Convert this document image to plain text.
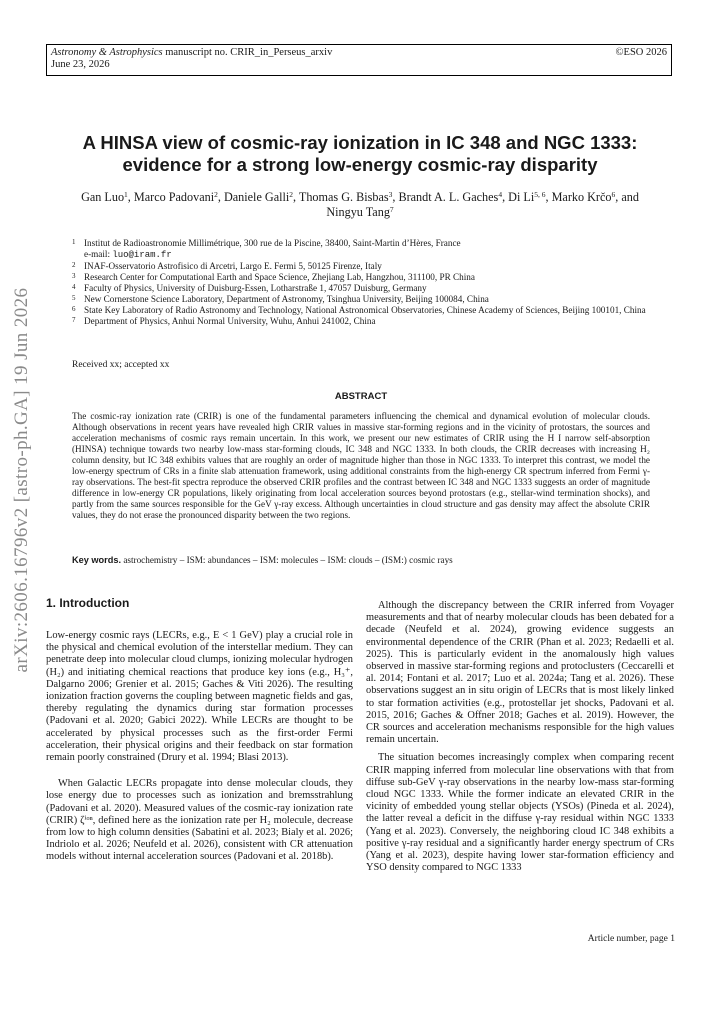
Astronomy & Astrophysics manuscript no. CRIR_in_Perseus_arxiv
June 23, 2026
©ESO 2026
arXiv:2606.16796v2 [astro-ph.GA] 19 Jun 2026
A HINSA view of cosmic-ray ionization in IC 348 and NGC 1333:
evidence for a strong low-energy cosmic-ray disparity
Gan Luo$^1$, Marco Padovani$^2$, Daniele Galli$^2$, Thomas G. Bisbas$^3$, Brandt A. L. Gaches$^4$, Di Li$^{5, 6}$, Marko Krčo$^6$, and
Ningyu Tang$^7$
1 Institut de Radioastronomie Millimétrique, 300 rue de la Piscine, 38400, Saint-Martin d’Hères, France
e-mail: luo@iram.fr
2 INAF-Osservatorio Astrofisico di Arcetri, Largo E. Fermi 5, 50125 Firenze, Italy
3 Research Center for Computational Earth and Space Science, Zhejiang Lab, Hangzhou, 311100, PR China
4 Faculty of Physics, University of Duisburg-Essen, Lotharstraße 1, 47057 Duisburg, Germany
5 New Cornerstone Science Laboratory, Department of Astronomy, Tsinghua University, Beijing 100084, China
6 State Key Laboratory of Radio Astronomy and Technology, National Astronomical Observatories, Chinese Academy of Sciences, Beijing 100101, China
7 Department of Physics, Anhui Normal University, Wuhu, Anhui 241002, China
Received xx; accepted xx
ABSTRACT
The cosmic-ray ionization rate (CRIR) is one of the fundamental parameters influencing the chemical and dynamical evolution of molecular clouds. Although observations in recent years have revealed high CRIR values in massive star-forming regions and in the vicinity of protostars, the sources and acceleration mechanisms of cosmic rays remain uncertain. In this work, we present our new estimates of CRIR using the H I narrow self-absorption (HINSA) technique towards two nearby low-mass star-forming clouds, IC 348 and NGC 1333. In both clouds, the CRIR decreases with increasing H₂ column density, but IC 348 exhibits values that are roughly an order of magnitude higher than those in NGC 1333. To interpret this contrast, we model the low-energy spectrum of CRs in a finite slab attenuation framework, using additional constraints from the high-energy CR spectrum inferred from Fermi γ-ray observations. The best-fit spectra reproduce the observed CRIR profiles and the contrast between IC 348 and NGC 1333 suggests an order of magnitude difference in low-energy CR populations, likely originating from local acceleration sources beyond protostars (e.g., stellar-wind termination shocks), and partly from the same sources responsible for the GeV γ-ray excess. Although uncertainties in cloud structure and gas density may affect the absolute CRIR values, they do not erase the pronounced disparity between the two regions.
Key words. astrochemistry – ISM: abundances – ISM: molecules – ISM: clouds – (ISM:) cosmic rays
1. Introduction

Low-energy cosmic rays (LECRs, e.g., E < 1 GeV) play a crucial role in the physical and chemical evolution of the interstellar medium. They can penetrate deep into molecular cloud clumps, ionizing molecular hydrogen (H₂) and initiating chemical reactions that produce key ions (e.g., H₃⁺, Dalgarno 2006; Grenier et al. 2015; Gaches & Viti 2026). The resulting ionization fraction governs the coupling between magnetic fields and gas, thereby regulating the dynamics during star formation processes (Padovani et al. 2020; Gabici 2022). While LECRs are thought to be accelerated by physical processes such as the first-order Fermi acceleration, their physical origins and their feedback on star formation remain poorly constrained (Drury et al. 1994; Blasi 2013).

When Galactic LECRs propagate into dense molecular clouds, they lose energy due to processes such as ionization and bremsstrahlung (Padovani et al. 2020). Measured values of the cosmic-ray ionization rate (CRIR) ζⁱᵒⁿ, defined here as the ionization rate per H₂ molecule, decrease from low to high column densities (Sabatini et al. 2023; Bialy et al. 2026; Indriolo et al. 2026; Neufeld et al. 2026), consistent with CR attenuation models without internal acceleration sources (Padovani et al. 2018b).

Although the discrepancy between the CRIR inferred from Voyager measurements and that of nearby molecular clouds has been debated for a decade (Neufeld et al. 2024), growing evidence suggests an environmental dependence of the CRIR (Phan et al. 2023; Redaelli et al. 2025). This is particularly evident in the anomalously high values observed in massive star-forming regions and protoclusters (Ceccarelli et al. 2014; Fontani et al. 2017; Luo et al. 2024a; Tang et al. 2026). These observations suggest an in situ origin of LECRs that is most likely linked to star formation activities (e.g., protostellar jet shocks, Padovani et al. 2015, 2016; Gaches & Offner 2018; Gaches et al. 2019). However, the CR sources and acceleration mechanisms responsible for the high values remain uncertain.

The situation becomes increasingly complex when comparing recent CRIR mapping inferred from molecular line observations with that from diffuse sub-GeV γ-ray observations in the nearby low-mass star-forming cloud NGC 1333. While the former indicate an elevated CRIR in the vicinity of embedded young stellar objects (YSOs) (Pineda et al. 2024), the latter reveal a deficit in the diffuse γ-ray residual within NGC 1333 (Yang et al. 2023). Conversely, the neighboring cloud IC 348 exhibits a positive γ-ray residual and a significantly harder energy spectrum of CRs (Yang et al. 2023), despite having lower star-formation efficiency and YSO density compared to NGC 1333

Article number, page 1
